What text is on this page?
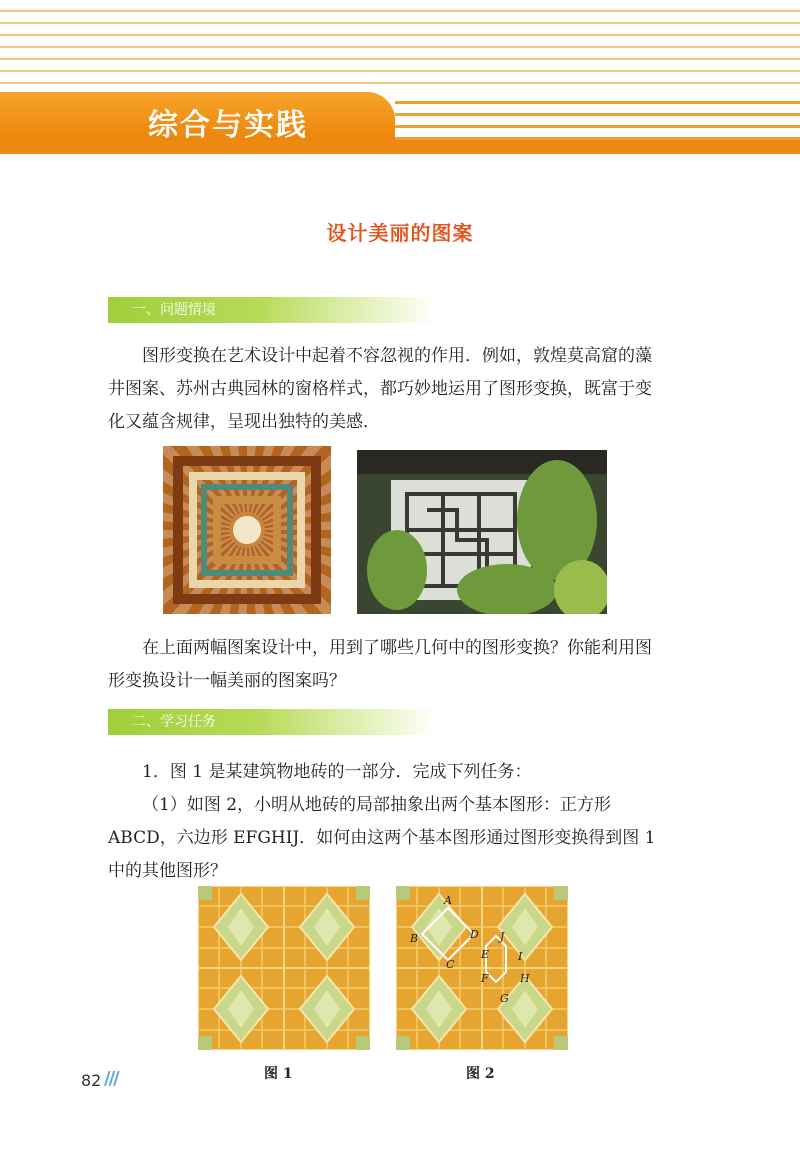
综合与实践
设计美丽的图案
一、问题情境

图形变换在艺术设计中起着不容忽视的作用．例如，敦煌莫高窟的藻井图案、苏州古典园林的窗格样式，都巧妙地运用了图形变换，既富于变化又蕴含规律，呈现出独特的美感．

在上面两幅图案设计中，用到了哪些几何中的图形变换？你能利用图形变换设计一幅美丽的图案吗？

二、学习任务

1．图 1 是某建筑物地砖的一部分．完成下列任务：

（1）如图 2，小明从地砖的局部抽象出两个基本图形：正方形 ABCD，六边形 EFGHIJ．如何由这两个基本图形通过图形变换得到图 1 中的其他图形？

图 1
A
B
C
D
E
F
G
H
I
J
图 2
82 ///
